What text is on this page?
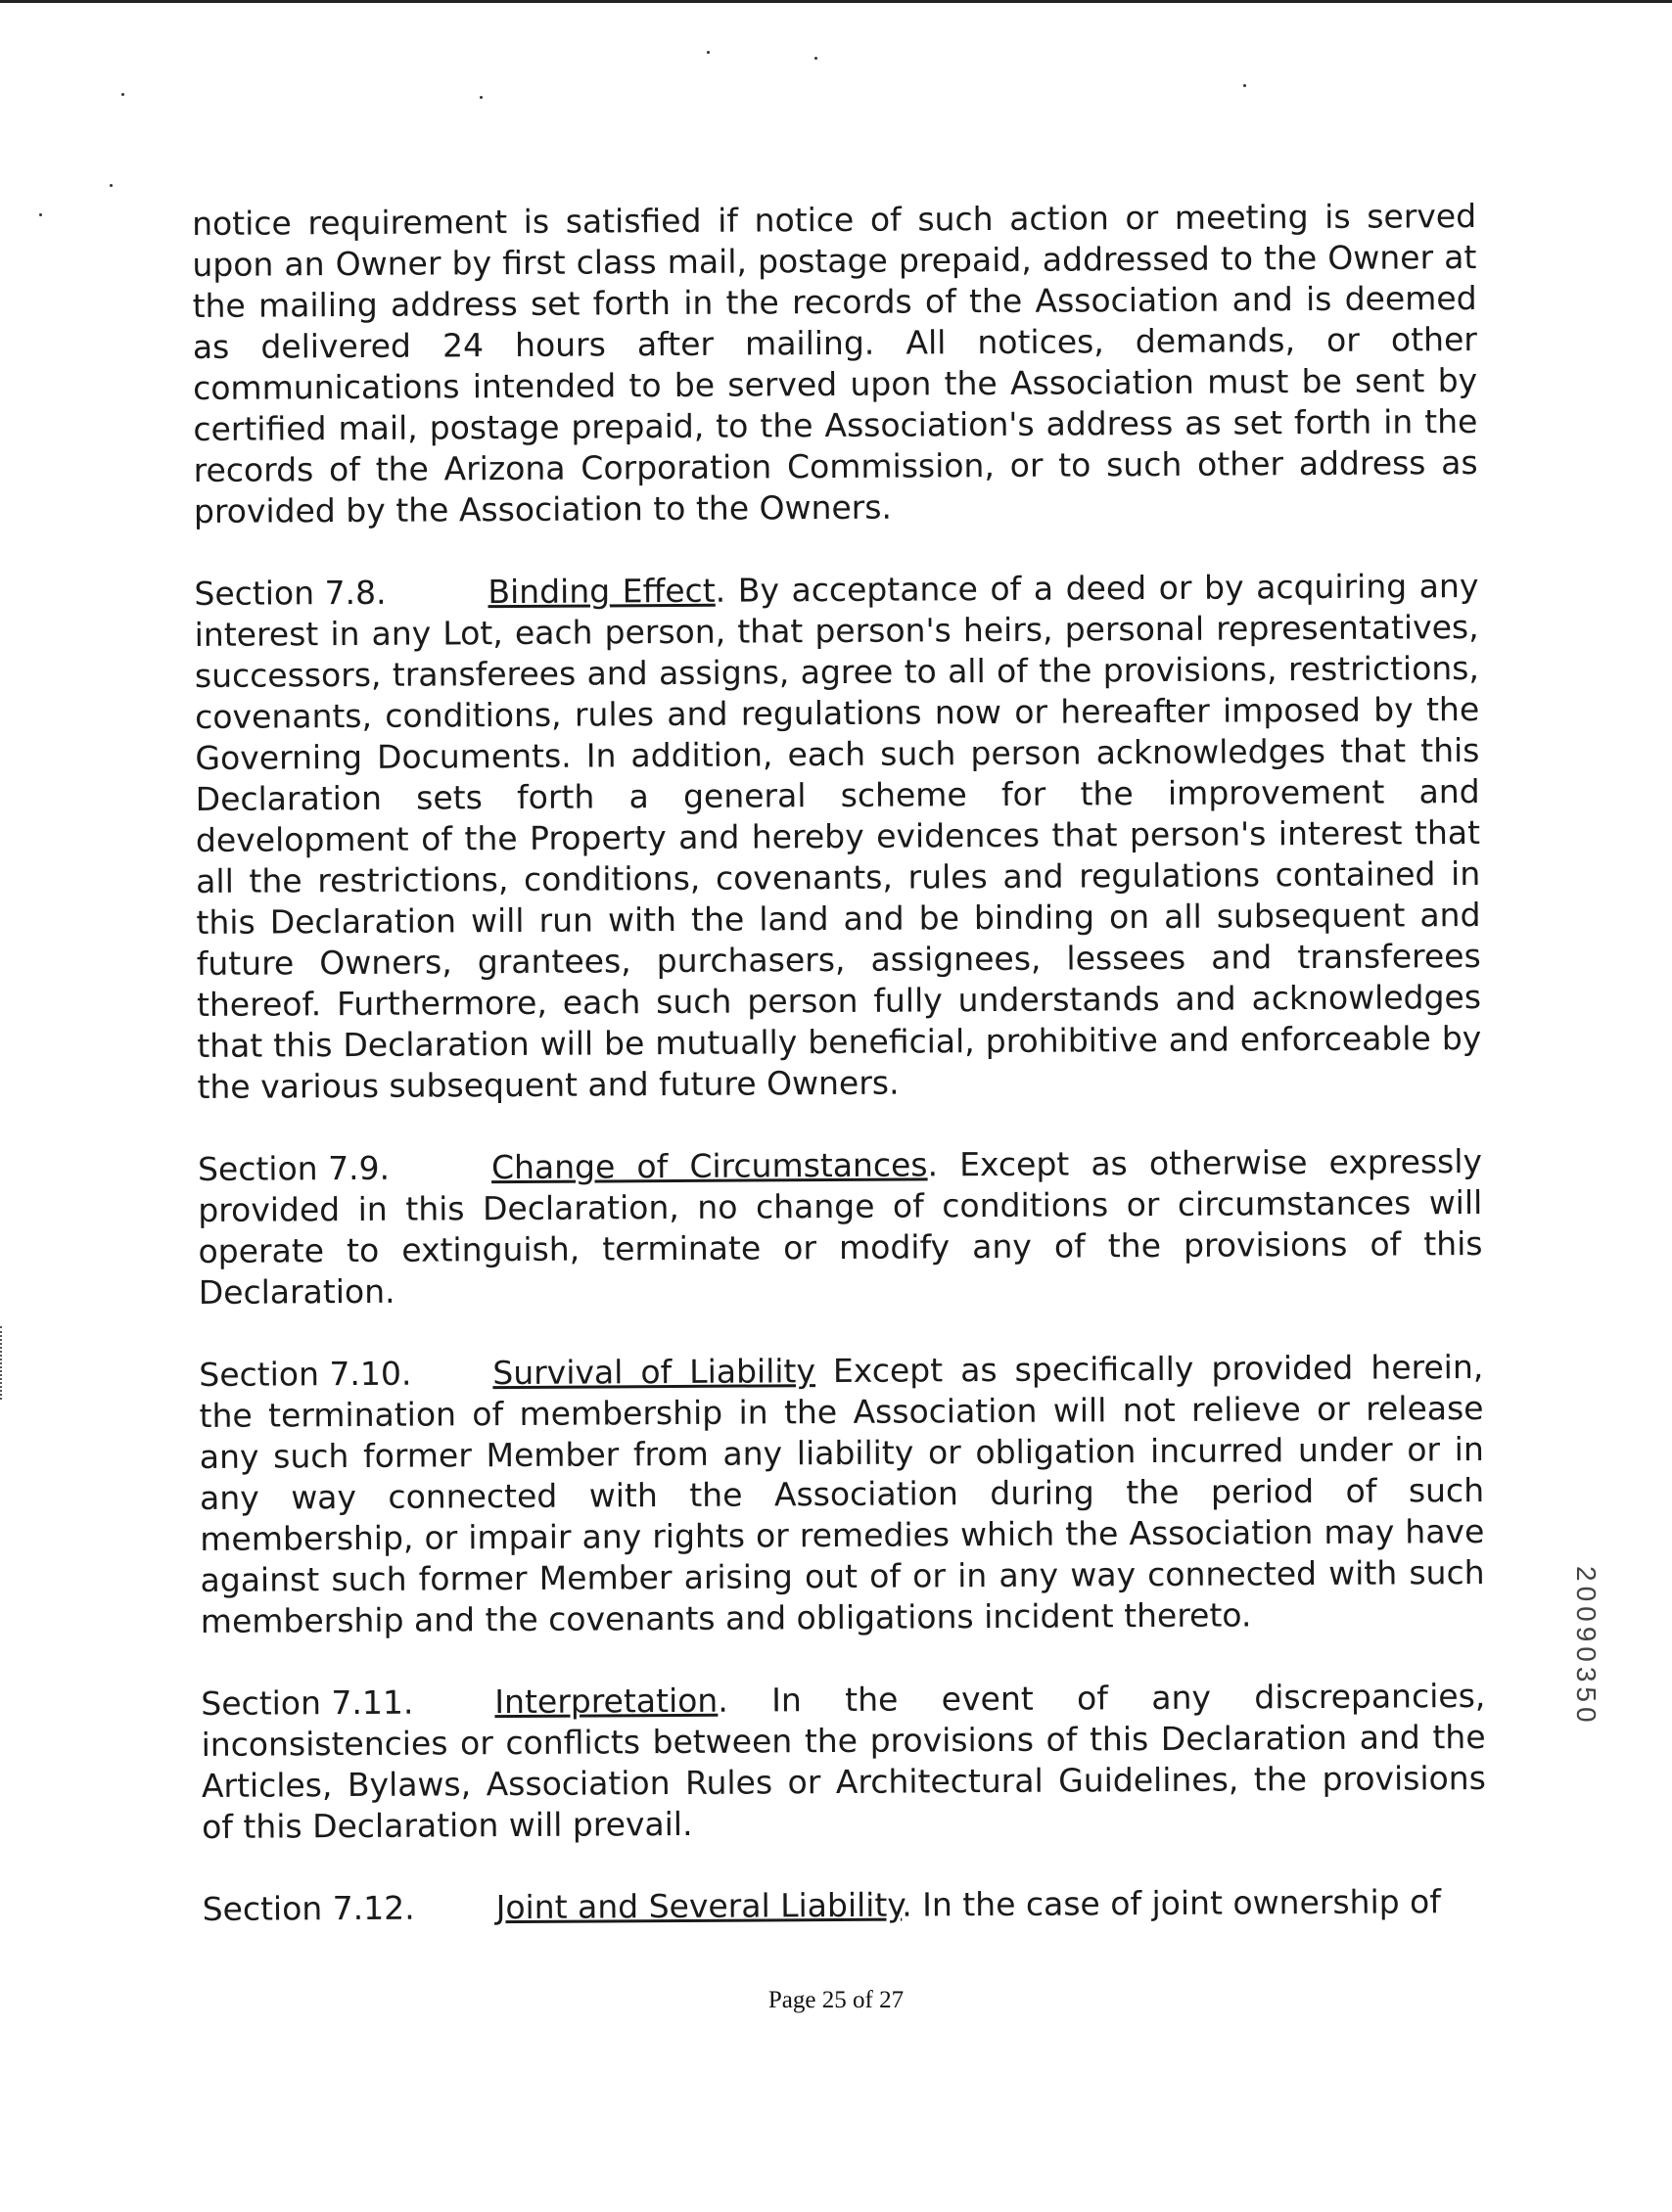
notice requirement is satisfied if notice of such action or meeting is served upon an Owner by first class mail, postage prepaid, addressed to the Owner at the mailing address set forth in the records of the Association and is deemed as delivered 24 hours after mailing. All notices, demands, or other communications intended to be served upon the Association must be sent by certified mail, postage prepaid, to the Association's address as set forth in the records of the Arizona Corporation Commission, or to such other address as provided by the Association to the Owners.

Section 7.8.	Binding Effect. By acceptance of a deed or by acquiring any interest in any Lot, each person, that person's heirs, personal representatives, successors, transferees and assigns, agree to all of the provisions, restrictions, covenants, conditions, rules and regulations now or hereafter imposed by the Governing Documents. In addition, each such person acknowledges that this Declaration sets forth a general scheme for the improvement and development of the Property and hereby evidences that person's interest that all the restrictions, conditions, covenants, rules and regulations contained in this Declaration will run with the land and be binding on all subsequent and future Owners, grantees, purchasers, assignees, lessees and transferees thereof. Furthermore, each such person fully understands and acknowledges that this Declaration will be mutually beneficial, prohibitive and enforceable by the various subsequent and future Owners.

Section 7.9.	Change of Circumstances. Except as otherwise expressly provided in this Declaration, no change of conditions or circumstances will operate to extinguish, terminate or modify any of the provisions of this Declaration.

Section 7.10.	Survival of Liability Except as specifically provided herein, the termination of membership in the Association will not relieve or release any such former Member from any liability or obligation incurred under or in any way connected with the Association during the period of such membership, or impair any rights or remedies which the Association may have against such former Member arising out of or in any way connected with such membership and the covenants and obligations incident thereto.

Section 7.11.	Interpretation. In the event of any discrepancies, inconsistencies or conflicts between the provisions of this Declaration and the Articles, Bylaws, Association Rules or Architectural Guidelines, the provisions of this Declaration will prevail.

Section 7.12.	Joint and Several Liability. In the case of joint ownership of

20090350
Page 25 of 27
